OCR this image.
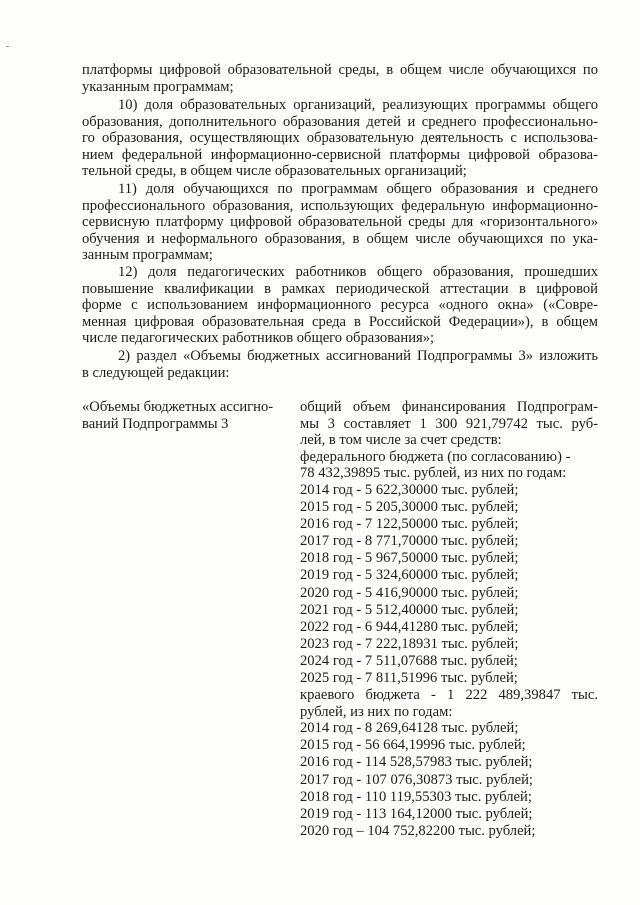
платформы цифровой образовательной среды, в общем числе обучающихся по
указанным программам;
10) доля образовательных организаций, реализующих программы общего
образования, дополнительного образования детей и среднего профессионально-
го образования, осуществляющих образовательную деятельность с использова-
нием федеральной информационно-сервисной платформы цифровой образова-
тельной среды, в общем числе образовательных организаций;
11) доля обучающихся по программам общего образования и среднего
профессионального образования, использующих федеральную информационно-
сервисную платформу цифровой образовательной среды для «горизонтального»
обучения и неформального образования, в общем числе обучающихся по ука-
занным программам;
12) доля педагогических работников общего образования, прошедших
повышение квалификации в рамках периодической аттестации в цифровой
форме с использованием информационного ресурса «одного окна» («Совре-
менная цифровая образовательная среда в Российской Федерации»), в общем
числе педагогических работников общего образования»;
2) раздел «Объемы бюджетных ассигнований Подпрограммы 3» изложить
в следующей редакции:
«Объемы бюджетных ассигно-
ваний Подпрограммы 3
общий объем финансирования Подпрограм-
мы 3 составляет 1 300 921,79742 тыс. руб-
лей, в том числе за счет средств:
федерального бюджета (по согласованию) -
78 432,39895 тыс. рублей, из них по годам:
2014 год - 5 622,30000 тыс. рублей;
2015 год - 5 205,30000 тыс. рублей;
2016 год - 7 122,50000 тыс. рублей;
2017 год - 8 771,70000 тыс. рублей;
2018 год - 5 967,50000 тыс. рублей;
2019 год - 5 324,60000 тыс. рублей;
2020 год - 5 416,90000 тыс. рублей;
2021 год - 5 512,40000 тыс. рублей;
2022 год - 6 944,41280 тыс. рублей;
2023 год - 7 222,18931 тыс. рублей;
2024 год - 7 511,07688 тыс. рублей;
2025 год - 7 811,51996 тыс. рублей;
краевого бюджета - 1 222 489,39847 тыс.
рублей, из них по годам:
2014 год - 8 269,64128 тыс. рублей;
2015 год - 56 664,19996 тыс. рублей;
2016 год - 114 528,57983 тыс. рублей;
2017 год - 107 076,30873 тыс. рублей;
2018 год - 110 119,55303 тыс. рублей;
2019 год - 113 164,12000 тыс. рублей;
2020 год – 104 752,82200 тыс. рублей;
